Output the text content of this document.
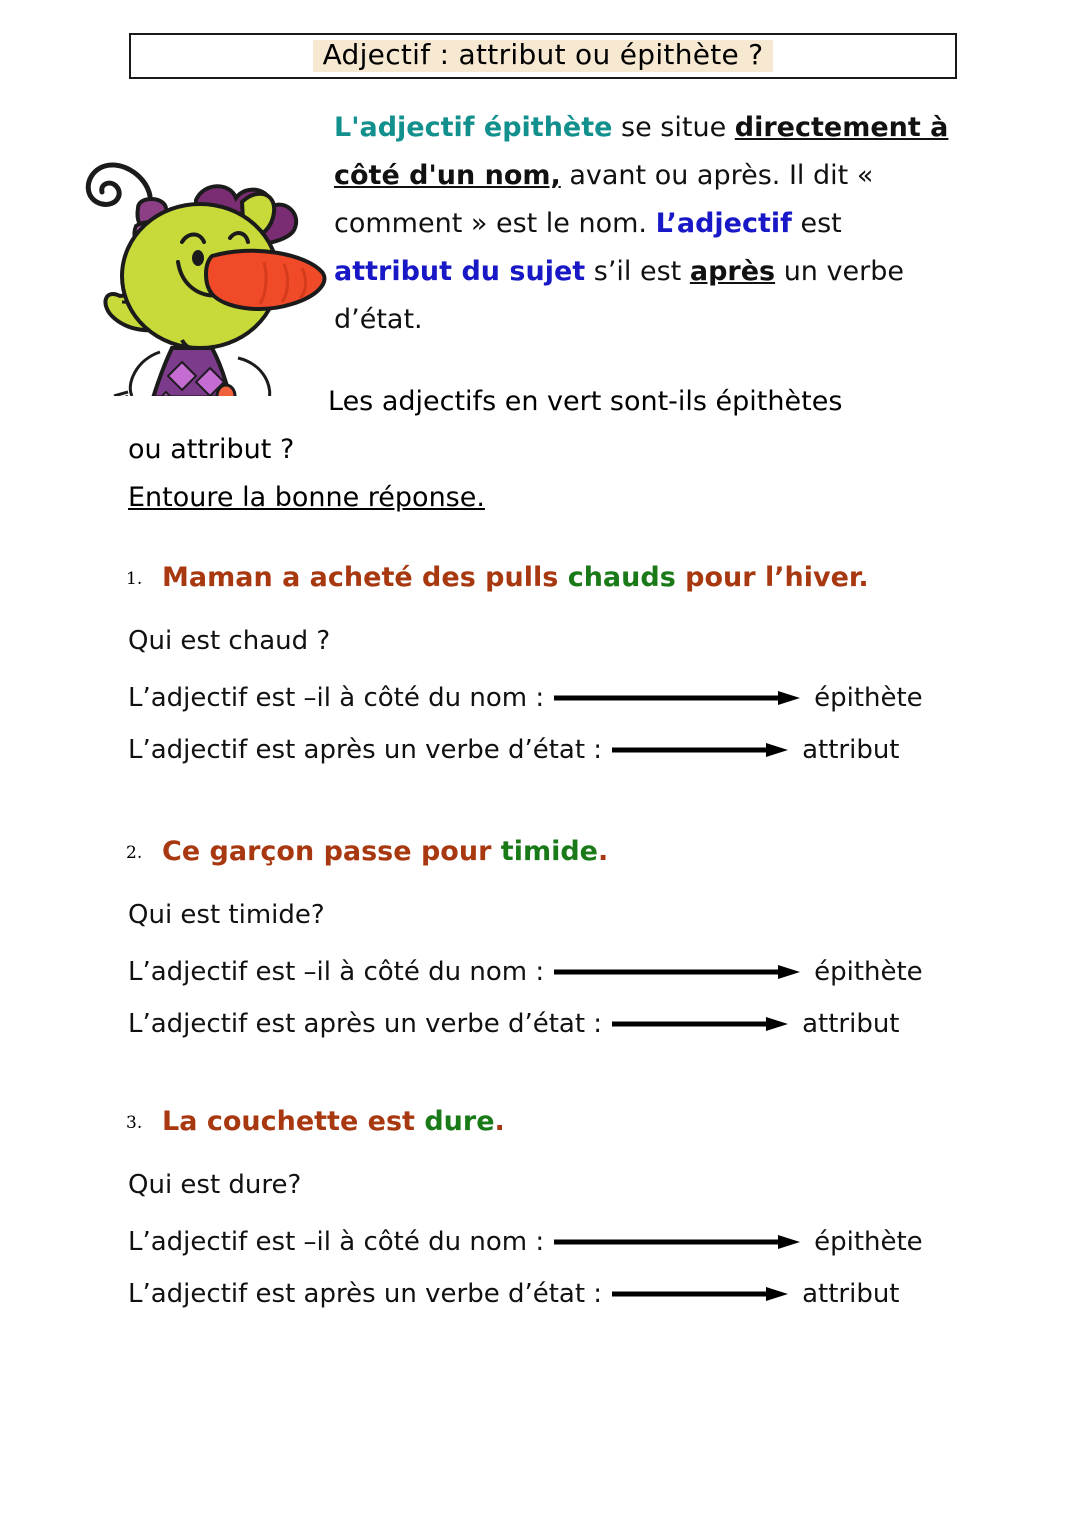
Adjectif : attribut ou épithète ?
L'adjectif épithète se situe directement à côté d'un nom, avant ou après. Il dit « comment » est le nom. L’adjectif est attribut du sujet s’il est après un verbe d’état.
Les adjectifs en vert sont-ils épithètes
ou attribut ?
Entoure la bonne réponse.
1. Maman a acheté des pulls chauds pour l’hiver.
Qui est chaud ?
L’adjectif est –il à côté du nom :	épithète
L’adjectif est après un verbe d’état :	attribut
2. Ce garçon passe pour timide.
Qui est timide?
L’adjectif est –il à côté du nom :	épithète
L’adjectif est après un verbe d’état :	attribut
3. La couchette est dure.
Qui est dure?
L’adjectif est –il à côté du nom :	épithète
L’adjectif est après un verbe d’état :	attribut
